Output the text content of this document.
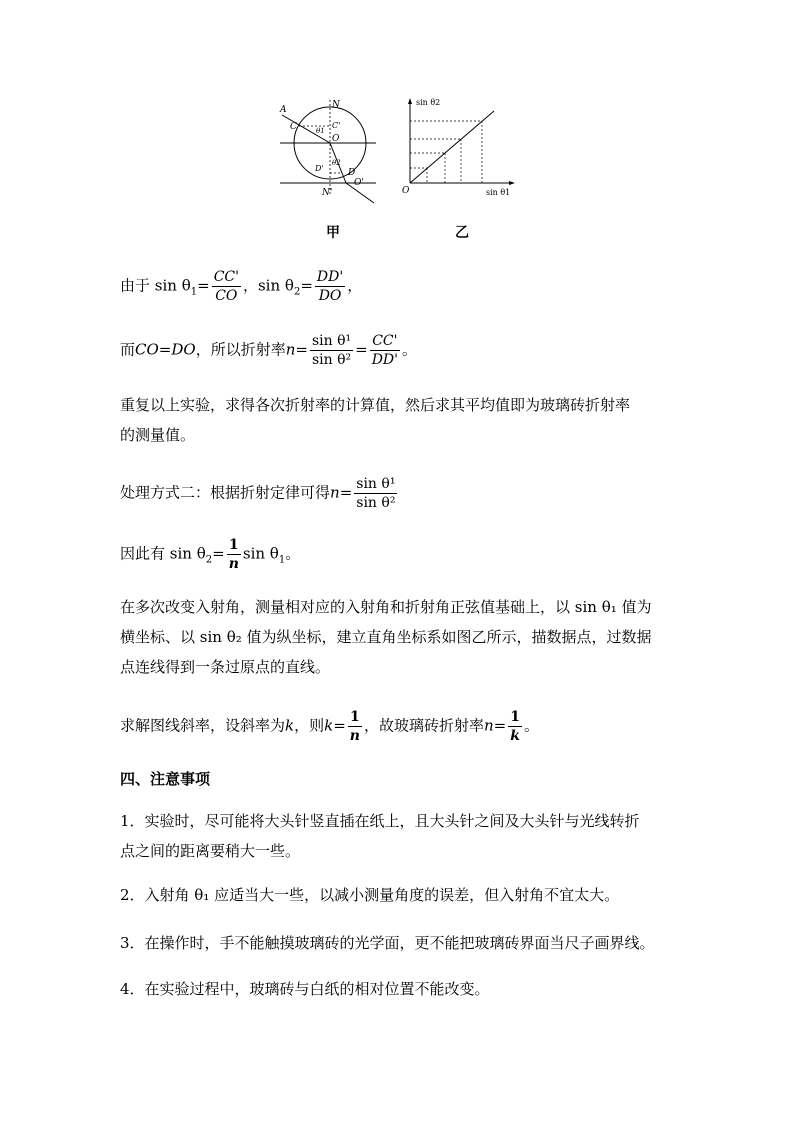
A
C
N
C'
θ1
O
D'
θ2
D
O'
N'
甲
sin θ2
sin θ1
O
乙
由于 $\sin \theta_1= \frac{CC'}{CO}$ ，$\sin \theta_2= \frac{DD'}{DO}$ ，
而CO=DO，所以折射率$n= \frac{\text{sin θ¹}}{\text{sin θ²}} = \frac{CC'}{DD'}$ 。
重复以上实验，求得各次折射率的计算值，然后求其平均值即为玻璃砖折射率
的测量值。
处理方式二：根据折射定律可得$n= \frac{\text{sin θ¹}}{\text{sin θ²}}$
因此有 $\sin \theta_2= \frac{1}{n}$ $\sin \theta_1$。
在多次改变入射角，测量相对应的入射角和折射角正弦值基础上，以 sin θ₁ 值为
横坐标、以 sin θ₂ 值为纵坐标，建立直角坐标系如图乙所示，描数据点，过数据
点连线得到一条过原点的直线。
求解图线斜率，设斜率为k，则$k= \frac{1}{n}$ ，故玻璃砖折射率$n= \frac{1}{k}$ 。
四、注意事项
1．实验时，尽可能将大头针竖直插在纸上，且大头针之间及大头针与光线转折
点之间的距离要稍大一些。
2．入射角 θ₁ 应适当大一些，以减小测量角度的误差，但入射角不宜太大。
3．在操作时，手不能触摸玻璃砖的光学面，更不能把玻璃砖界面当尺子画界线。
4．在实验过程中，玻璃砖与白纸的相对位置不能改变。
